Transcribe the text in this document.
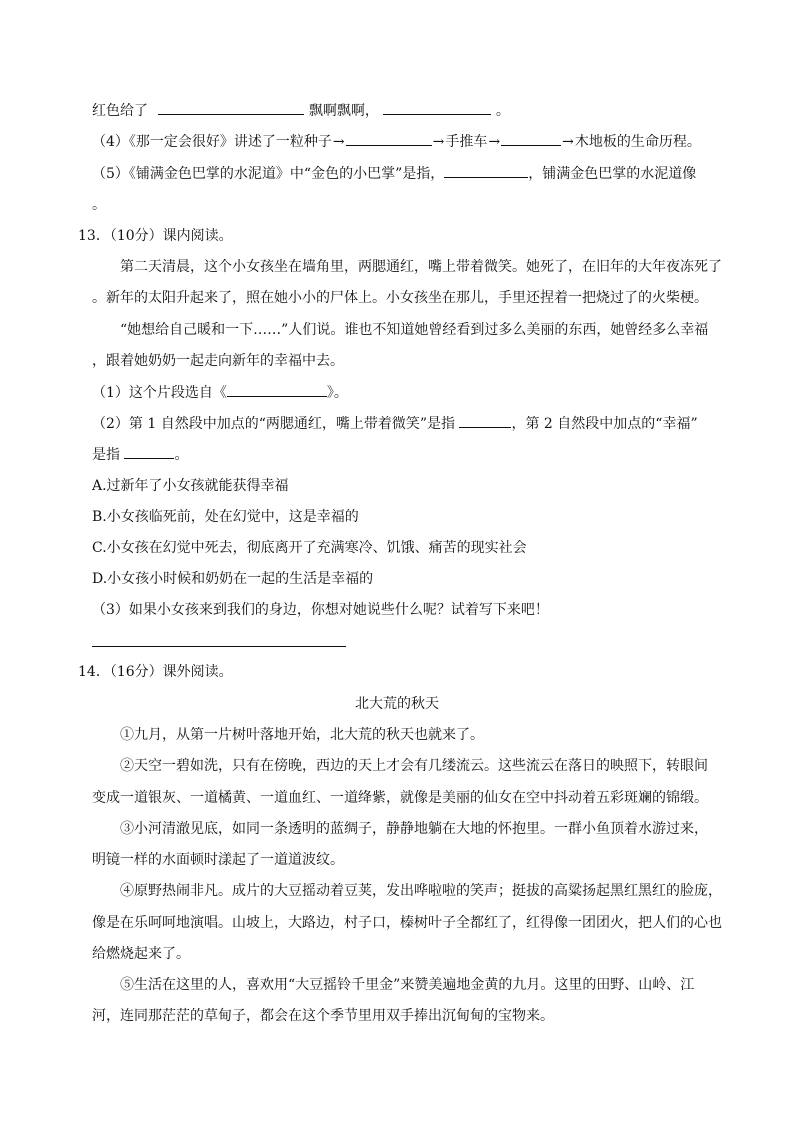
红色给了	飘啊飘啊，	。
（4）《那一定会很好》讲述了一粒种子→	→手推车→	→木地板的生命历程。
（5）《铺满金色巴掌的水泥道》中“金色的小巴掌”是指，	，铺满金色巴掌的水泥道像
。
13．（10分）课内阅读。
第二天清晨，这个小女孩坐在墙角里，两腮通红，嘴上带着微笑。她死了，在旧年的大年夜冻死了
。新年的太阳升起来了，照在她小小的尸体上。小女孩坐在那儿，手里还捏着一把烧过了的火柴梗。
“她想给自己暖和一下……”人们说。谁也不知道她曾经看到过多么美丽的东西，她曾经多么幸福
，跟着她奶奶一起走向新年的幸福中去。
（1）这个片段选自《	》。
（2）第 1 自然段中加点的“两腮通红，嘴上带着微笑”是指	，第 2 自然段中加点的“幸福”
是指	。
A.过新年了小女孩就能获得幸福
B.小女孩临死前，处在幻觉中，这是幸福的
C.小女孩在幻觉中死去，彻底离开了充满寒冷、饥饿、痛苦的现实社会
D.小女孩小时候和奶奶在一起的生活是幸福的
（3）如果小女孩来到我们的身边，你想对她说些什么呢？试着写下来吧！
14．（16分）课外阅读。
北大荒的秋天
①九月，从第一片树叶落地开始，北大荒的秋天也就来了。
②天空一碧如洗，只有在傍晚，西边的天上才会有几缕流云。这些流云在落日的映照下，转眼间
变成一道银灰、一道橘黄、一道血红、一道绛紫，就像是美丽的仙女在空中抖动着五彩斑斓的锦缎。
③小河清澈见底，如同一条透明的蓝绸子，静静地躺在大地的怀抱里。一群小鱼顶着水游过来，
明镜一样的水面顿时漾起了一道道波纹。
④原野热闹非凡。成片的大豆摇动着豆荚，发出哗啦啦的笑声；挺拔的高粱扬起黑红黑红的脸庞，
像是在乐呵呵地演唱。山坡上，大路边，村子口，榛树叶子全都红了，红得像一团团火，把人们的心也
给燃烧起来了。
⑤生活在这里的人，喜欢用“大豆摇铃千里金”来赞美遍地金黄的九月。这里的田野、山岭、江
河，连同那茫茫的草甸子，都会在这个季节里用双手捧出沉甸甸的宝物来。
